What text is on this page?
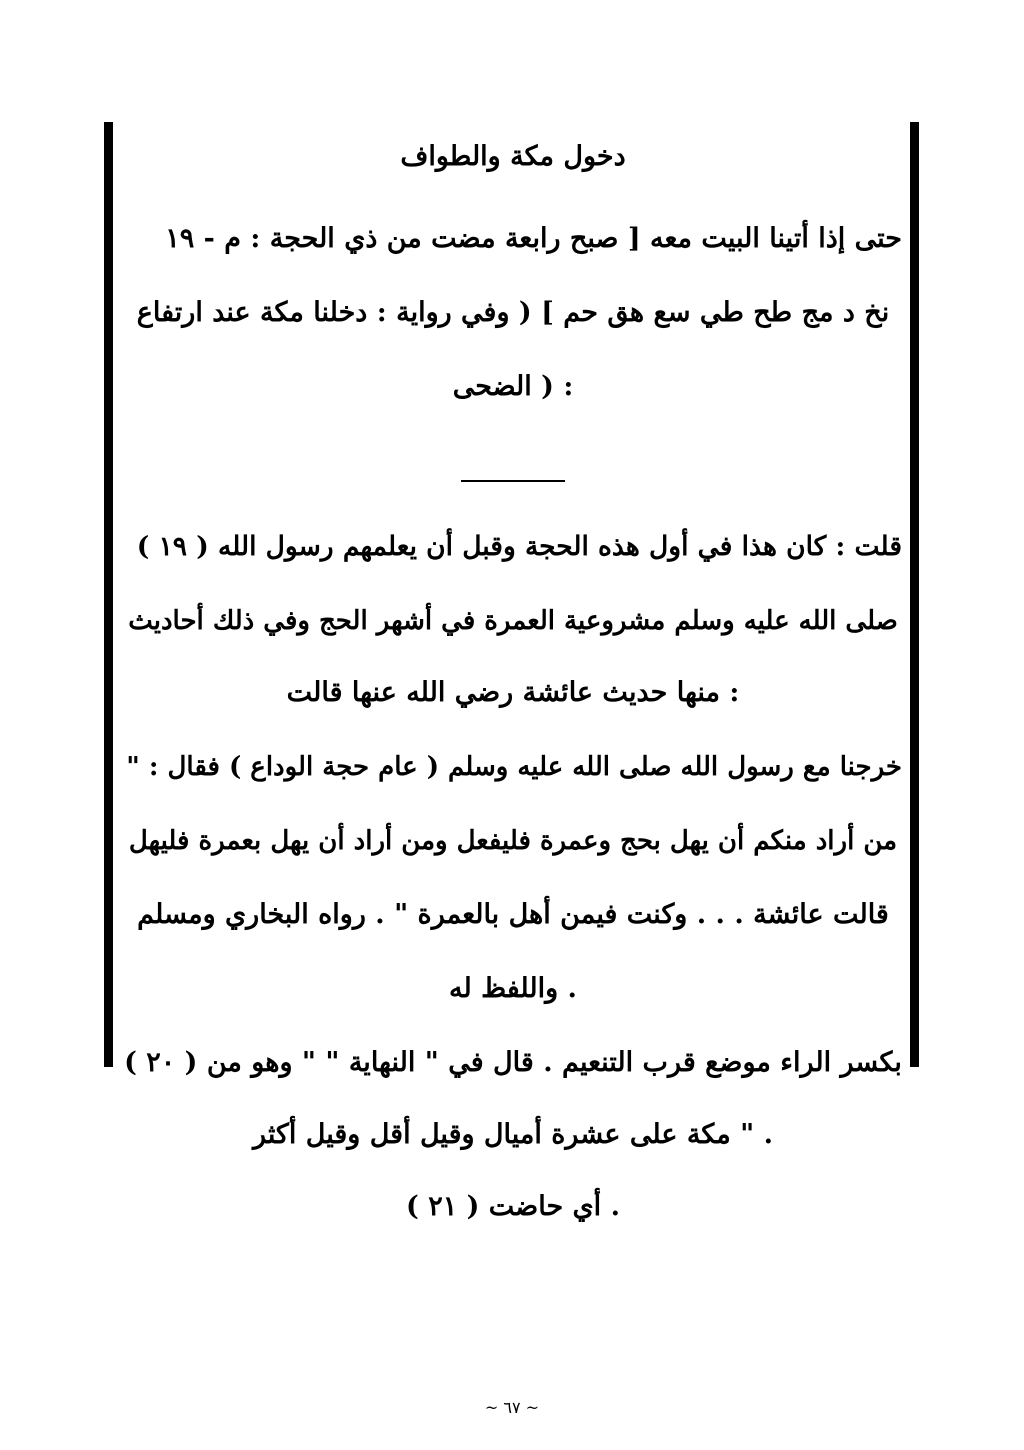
دخول مكة والطواف
حتى إذا أتينا البيت معه [ صبح رابعة مضت من ذي الحجة : م - ١٩
نخ د مج طح طي سع هق حم ] ( وفي رواية : دخلنا مكة عند ارتفاع
: ( الضحى
قلت : كان هذا في أول هذه الحجة وقبل أن يعلمهم رسول الله ( ١٩ )
صلى الله عليه وسلم مشروعية العمرة في أشهر الحج وفي ذلك أحاديث
: منها حديث عائشة رضي الله عنها قالت
خرجنا مع رسول الله صلى الله عليه وسلم ( عام حجة الوداع ) فقال : "
من أراد منكم أن يهل بحج وعمرة فليفعل ومن أراد أن يهل بعمرة فليهل
قالت عائشة . . . وكنت فيمن أهل بالعمرة " . رواه البخاري ومسلم
. واللفظ له
بكسر الراء موضع قرب التنعيم . قال في " النهاية " " وهو من ( ٢٠ )
. " مكة على عشرة أميال وقيل أقل وقيل أكثر
. أي حاضت ( ٢١ )
~ ٦٧ ~
